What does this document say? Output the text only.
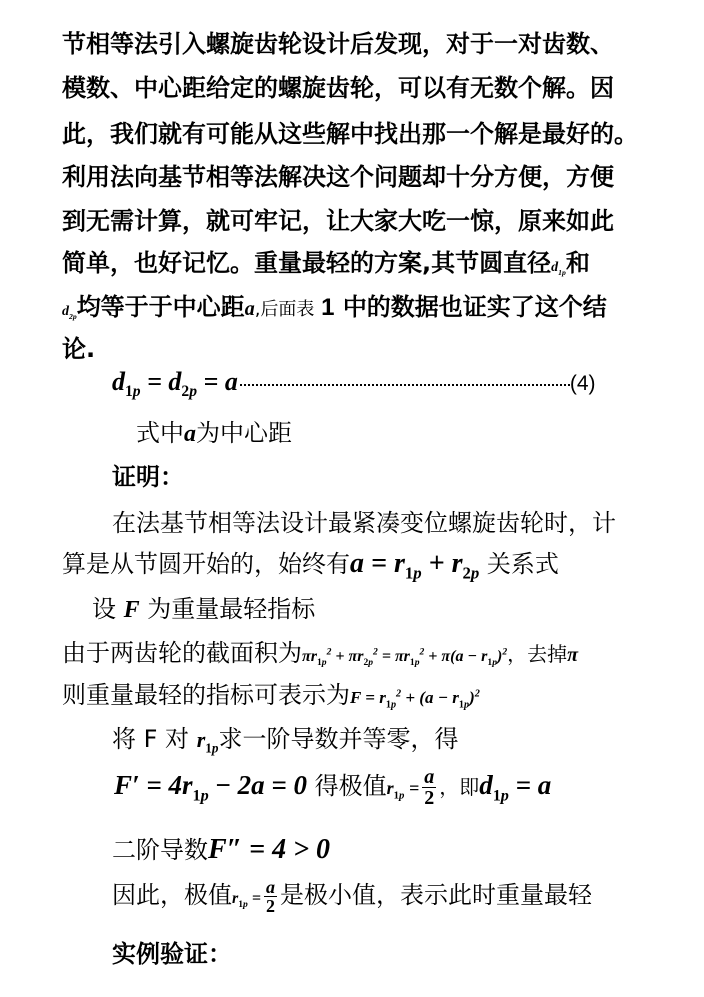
节相等法引入螺旋齿轮设计后发现，对于一对齿数、
模数、中心距给定的螺旋齿轮，可以有无数个解。因
此，我们就有可能从这些解中找出那一个解是最好的。
利用法向基节相等法解决这个问题却十分方便，方便
到无需计算，就可牢记，让大家大吃一惊，原来如此
简单，也好记忆。重量最轻的方案,其节圆直径$d_{1p}$和
$d_{2p}$均等于于中心距a,后面表 1 中的数据也证实了这个结
论.
$d_{1p} = d_{2p} = a$	(4)
式中a为中心距
证明：
在法基节相等法设计最紧凑变位螺旋齿轮时，计
算是从节圆开始的，始终有$a = r_{1p} + r_{2p}$ 关系式
设 F 为重量最轻指标
由于两齿轮的截面积为$\pi r_{1p}^2 + \pi r_{2p}^2 = \pi r_{1p}^2 + \pi(a - r_{1p})^2$，去掉π
则重量最轻的指标可表示为$F = r_{1p}^2 + (a - r_{1p})^2$
将 F 对 $r_{1p}$求一阶导数并等零，得
$F' = 4r_{1p} - 2a = 0$ 得极值$r_{1p} = \frac{a}{2}$ ，即$d_{1p} = a$
二阶导数F″ = 4 > 0
因此，极值$r_{1p} = \frac{a}{2}$ 是极小值，表示此时重量最轻
实例验证：
